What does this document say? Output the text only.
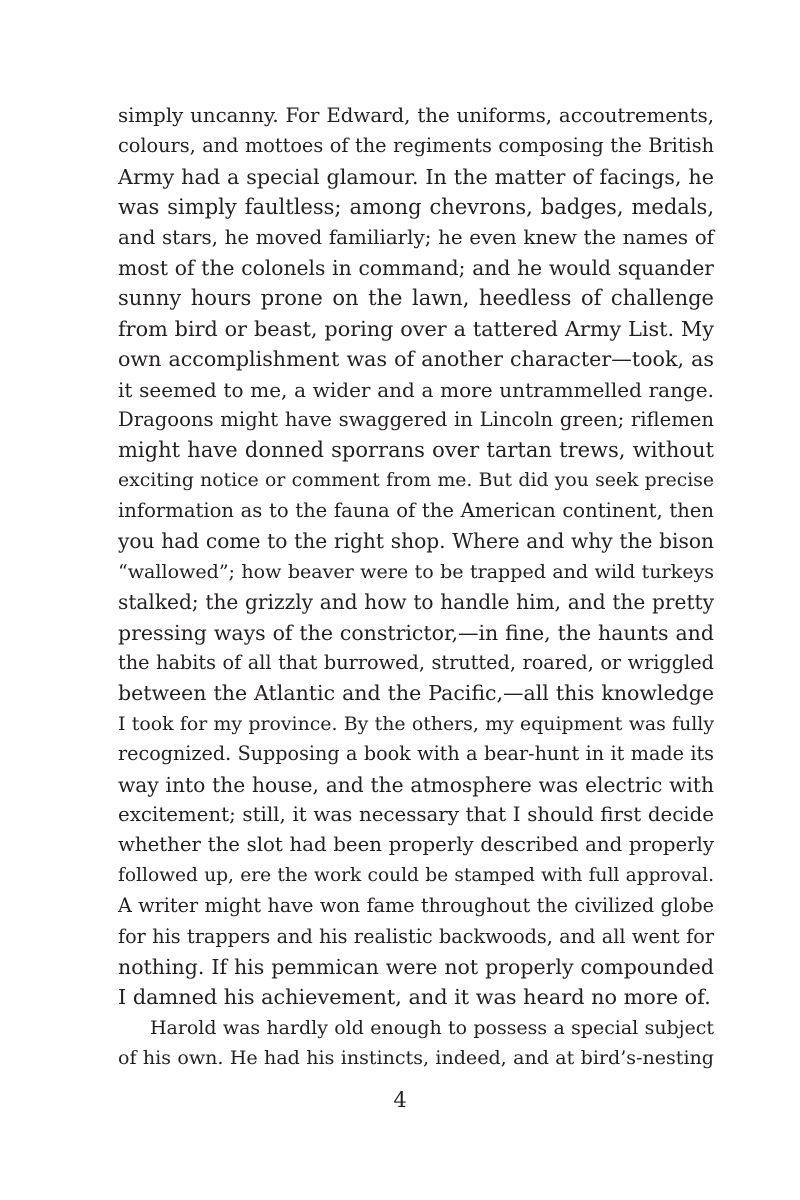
simply uncanny. For Edward, the uniforms, accoutrements,
colours, and mottoes of the regiments composing the British
Army had a special glamour. In the matter of facings, he
was simply faultless; among chevrons, badges, medals,
and stars, he moved familiarly; he even knew the names of
most of the colonels in command; and he would squander
sunny hours prone on the lawn, heedless of challenge
from bird or beast, poring over a tattered Army List. My
own accomplishment was of another character—took, as
it seemed to me, a wider and a more untrammelled range.
Dragoons might have swaggered in Lincoln green; riflemen
might have donned sporrans over tartan trews, without
exciting notice or comment from me. But did you seek precise
information as to the fauna of the American continent, then
you had come to the right shop. Where and why the bison
“wallowed”; how beaver were to be trapped and wild turkeys
stalked; the grizzly and how to handle him, and the pretty
pressing ways of the constrictor,—in fine, the haunts and
the habits of all that burrowed, strutted, roared, or wriggled
between the Atlantic and the Pacific,—all this knowledge
I took for my province. By the others, my equipment was fully
recognized. Supposing a book with a bear-hunt in it made its
way into the house, and the atmosphere was electric with
excitement; still, it was necessary that I should first decide
whether the slot had been properly described and properly
followed up, ere the work could be stamped with full approval.
A writer might have won fame throughout the civilized globe
for his trappers and his realistic backwoods, and all went for
nothing. If his pemmican were not properly compounded
I damned his achievement, and it was heard no more of.
Harold was hardly old enough to possess a special subject
of his own. He had his instincts, indeed, and at bird’s-nesting
4
